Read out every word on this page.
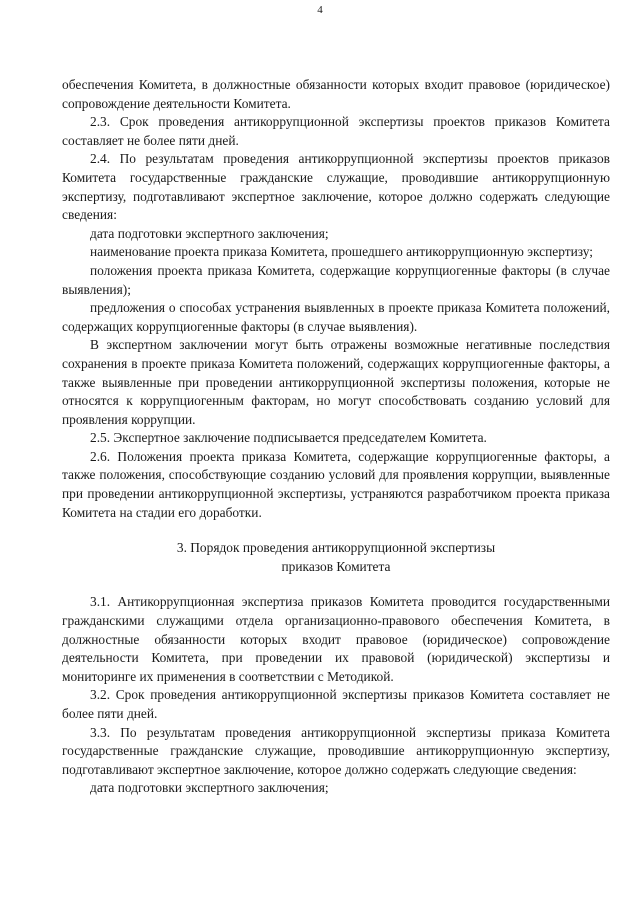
4

обеспечения Комитета, в должностные обязанности которых входит правовое (юридическое) сопровождение деятельности Комитета.

2.3. Срок проведения антикоррупционной экспертизы проектов приказов Комитета составляет не более пяти дней.

2.4. По результатам проведения антикоррупционной экспертизы проектов приказов Комитета государственные гражданские служащие, проводившие антикоррупционную экспертизу, подготавливают экспертное заключение, которое должно содержать следующие сведения:

дата подготовки экспертного заключения;

наименование проекта приказа Комитета, прошедшего антикоррупционную экспертизу;

положения проекта приказа Комитета, содержащие коррупциогенные факторы (в случае выявления);

предложения о способах устранения выявленных в проекте приказа Комитета положений, содержащих коррупциогенные факторы (в случае выявления).

В экспертном заключении могут быть отражены возможные негативные последствия сохранения в проекте приказа Комитета положений, содержащих коррупциогенные факторы, а также выявленные при проведении антикоррупционной экспертизы положения, которые не относятся к коррупциогенным факторам, но могут способствовать созданию условий для проявления коррупции.

2.5. Экспертное заключение подписывается председателем Комитета.

2.6. Положения проекта приказа Комитета, содержащие коррупциогенные факторы, а также положения, способствующие созданию условий для проявления коррупции, выявленные при проведении антикоррупционной экспертизы, устраняются разработчиком проекта приказа Комитета на стадии его доработки.

3. Порядок проведения антикоррупционной экспертизы

приказов Комитета

3.1. Антикоррупционная экспертиза приказов Комитета проводится государственными гражданскими служащими отдела организационно-правового обеспечения Комитета, в должностные обязанности которых входит правовое (юридическое) сопровождение деятельности Комитета, при проведении их правовой (юридической) экспертизы и мониторинге их применения в соответствии с Методикой.

3.2. Срок проведения антикоррупционной экспертизы приказов Комитета составляет не более пяти дней.

3.3. По результатам проведения антикоррупционной экспертизы приказа Комитета государственные гражданские служащие, проводившие антикоррупционную экспертизу, подготавливают экспертное заключение, которое должно содержать следующие сведения:

дата подготовки экспертного заключения;
